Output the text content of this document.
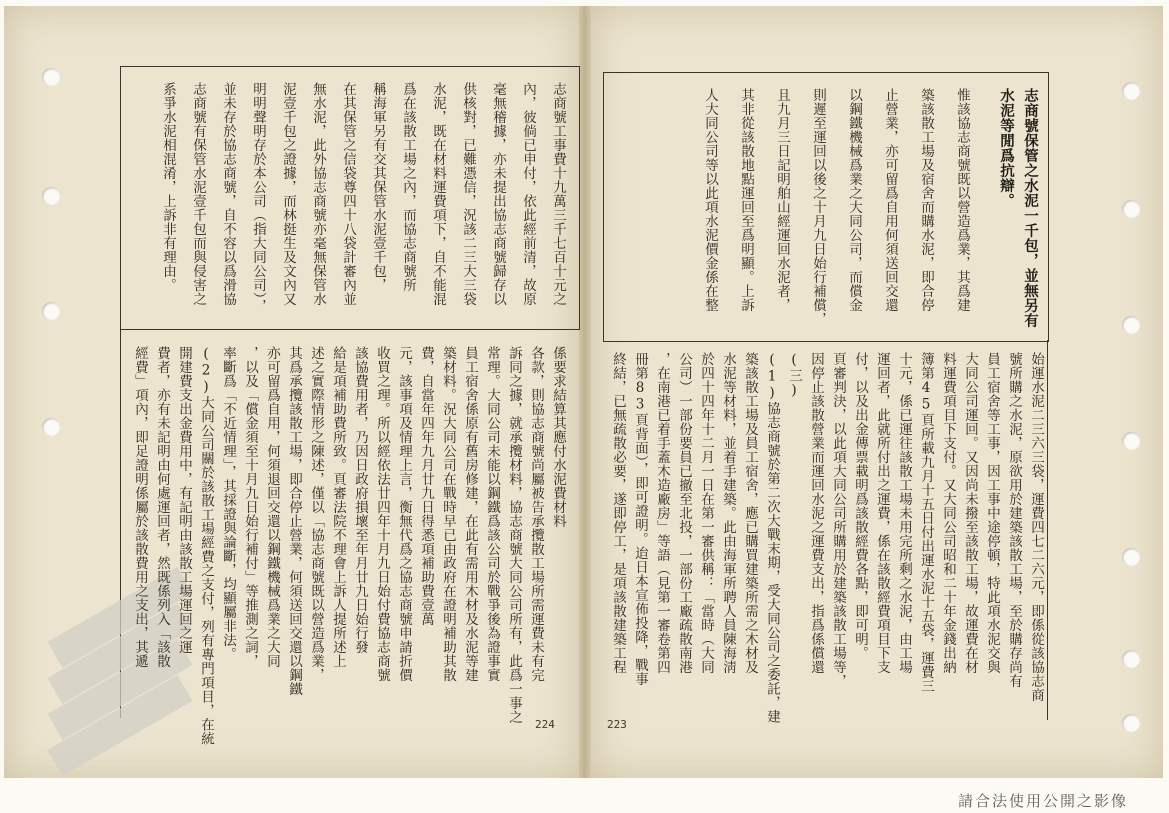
志商號工事費十九萬三千七百十元之
內，彼倘已申付，依此經前清，故原
毫無稽據，亦未提出協志商號歸存以
供核對，已難憑信，況該二三大三袋
水泥，既在材料運費項下，自不能混
爲在該散工場之內，而協志商號所
稱海軍另有交其保管水泥壹千包，
在其保管之信袋尊四十八袋計審內並
無水泥，此外協志商號亦毫無保管水
泥壹千包之證據，而林挺生及文內又
明明聲明存於本公司（指大同公司），
並未存於協志商號，自不容以爲滑協
志商號有保管水泥壹千包而與侵害之
系爭水泥相混淆，上訴非有理由。
係要求結算其應付水泥費材料
各款，則協志商號尚屬被告承攬散工場所需運費未有完
訴同之據，就承攬材料，協志商號大同公司所有，此爲一事之
常理。大同公司未能以鋼鐵爲該公司於戰爭後為證事實
員工宿舍係原有舊房修建，在此有需用木材及水泥等建
築材料。況大同公司在戰時早已由政府在證明補助其散
費，自當年四年九月廿九日得悉項補助費壹萬
元，該事項及情理上言，衡無代爲之協志商號申請折價
收買之理。所以經依法廿四年十月九日始付費協志商號
該協費用者，乃因日政府損壞至年月廿九日始行發
給是項補助費所致。頁審法院不理會上訴人提所述上
述之實際情形之陳述，僅以「協志商號既以營造爲業，
其爲承攬該散工場，即合停止營業，何須送回交還以鋼鐵
亦可留爲自用，何須退回交還以鋼鐵機械爲業之大同
，以及「償金須至十月九日始行補付」等推測之詞，
率斷爲「不近情理」，其採證與論斷，均顯屬非法。
(2)大同公司關於該散工場經費之支付，列有專門項目，在統
開建費支出金費用中，有記明由該散工場運回之運
費者，亦有未記明由何處運回者，然既係列入「該散
經費」項內，即足證明係屬於該散費用之支出，其遞
224
志商號保管之水泥一千包，並無另有
水泥等閒爲抗辯。
惟該協志商號既以營造爲業，其爲建
築該散工場及宿舍而購水泥，即合停
止營業，亦可留爲自用何須送回交還
以鋼鐵機械爲業之大同公司，而償金
則遲至運回以後之十月九日始行補償，
且九月三日記明舶山經運回水泥者，
其非從該散地點運回至爲明顯。上訴
人大同公司等以此項水泥價金係在整
始運水泥二三六三袋，運費四七二六元，即係從該協志商
號所購之水泥，原欲用於建築該散工場，至於購存尚有
員工宿舍等工事，因工事中途停頓，特此項水泥交與
大同公司運回。又因尚未撥至該散工場，故運費在材
料運費項目下支付。又大同公司昭和二十年金錢出納
簿第45頁所載九月十五日付出運水泥十五袋，運費三
十元，係已運往該散工場未用完所剩之水泥，由工場
運回者，此就所付出之運費，係在該散經費項目下支
付，以及出金傳票載明爲該散經費各點，即可明。
頁審判決，以此項大同公司所購用於建築該散工場等，
因停止該散營業而運回水泥之運費支出，指爲係償還
(三)
(1)協志商號於第二次大戰末期，受大同公司之委託，建
築該散工場及員工宿舍，應已購買建築所需之木材及
水泥等材料，並着手建築。此由海軍所聘人員陳海淸
於四十四年十二月一日在第一審供稱：「當時（大同
公司）一部份要員已撤至北投，一部份工廠疏散南港
，在南港已着手蓋木造廠房」等語（見第一審卷第四
冊第83頁背面），即可證明。迨日本宣佈投降，戰事
終結，已無疏散必要，遂即停工，是項該散建築工程
223
請合法使用公開之影像
